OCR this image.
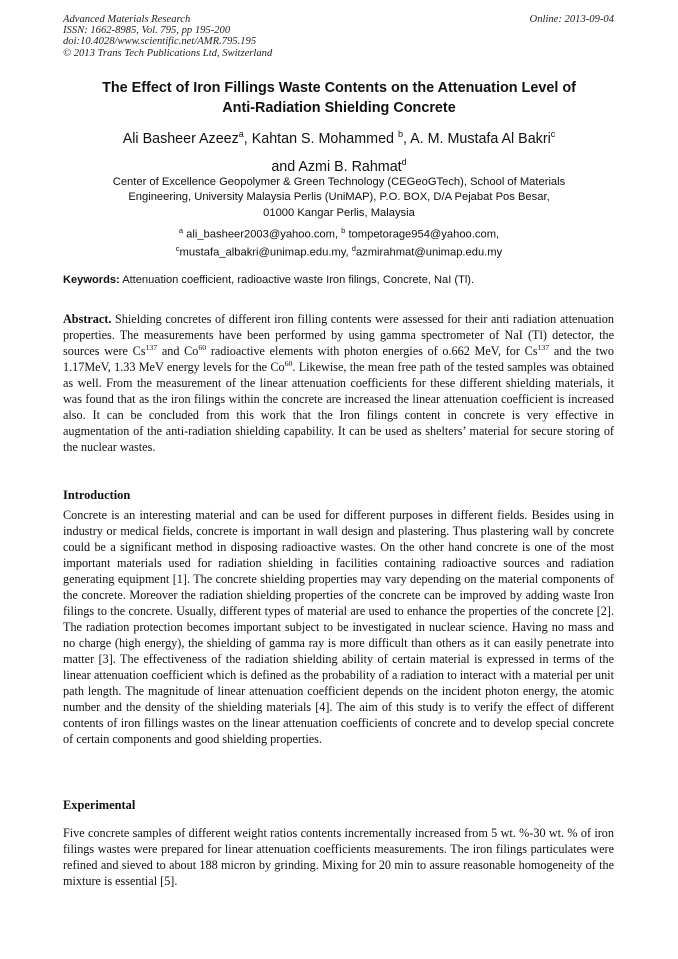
Advanced Materials Research
ISSN: 1662-8985, Vol. 795, pp 195-200
doi:10.4028/www.scientific.net/AMR.795.195
© 2013 Trans Tech Publications Ltd, Switzerland
Online: 2013-09-04
The Effect of Iron Fillings Waste Contents on the Attenuation Level of
Anti-Radiation Shielding Concrete
Ali Basheer Azeez$^a$, Kahtan S. Mohammed $^b$, A. M. Mustafa Al Bakri$^c$
and Azmi B. Rahmat$^d$
Center of Excellence Geopolymer & Green Technology (CEGeoGTech), School of Materials
Engineering, University Malaysia Perlis (UniMAP), P.O. BOX, D/A Pejabat Pos Besar,
01000 Kangar Perlis, Malaysia
$^a$ ali_basheer2003@yahoo.com, $^b$ tompetorage954@yahoo.com,
$^c$mustafa_albakri@unimap.edu.my, $^d$azmirahmat@unimap.edu.my
Keywords: Attenuation coefficient, radioactive waste Iron filings, Concrete, NaI (Tl).

Abstract. Shielding concretes of different iron filling contents were assessed for their anti radiation attenuation properties. The measurements have been performed by using gamma spectrometer of NaI (Tl) detector, the sources were Cs$^{137}$ and Co$^{60}$ radioactive elements with photon energies of o.662 MeV, for Cs$^{137}$ and the two 1.17MeV, 1.33 MeV energy levels for the Co$^{60}$. Likewise, the mean free path of the tested samples was obtained as well. From the measurement of the linear attenuation coefficients for these different shielding materials, it was found that as the iron filings within the concrete are increased the linear attenuation coefficient is increased also. It can be concluded from this work that the Iron filings content in concrete is very effective in augmentation of the anti-radiation shielding capability. It can be used as shelters’ material for secure storing of the nuclear wastes.

Introduction

Concrete is an interesting material and can be used for different purposes in different fields. Besides using in industry or medical fields, concrete is important in wall design and plastering. Thus plastering wall by concrete could be a significant method in disposing radioactive wastes. On the other hand concrete is one of the most important materials used for radiation shielding in facilities containing radioactive sources and radiation generating equipment [1]. The concrete shielding properties may vary depending on the material components of the concrete. Moreover the radiation shielding properties of the concrete can be improved by adding waste Iron filings to the concrete. Usually, different types of material are used to enhance the properties of the concrete [2]. The radiation protection becomes important subject to be investigated in nuclear science. Having no mass and no charge (high energy), the shielding of gamma ray is more difficult than others as it can easily penetrate into matter [3]. The effectiveness of the radiation shielding ability of certain material is expressed in terms of the linear attenuation coefficient which is defined as the probability of a radiation to interact with a material per unit path length. The magnitude of linear attenuation coefficient depends on the incident photon energy, the atomic number and the density of the shielding materials [4]. The aim of this study is to verify the effect of different contents of iron fillings wastes on the linear attenuation coefficients of concrete and to develop special concrete of certain components and good shielding properties.

Experimental

Five concrete samples of different weight ratios contents incrementally increased from 5 wt. %-30 wt. % of iron filings wastes were prepared for linear attenuation coefficients measurements. The iron filings particulates were refined and sieved to about 188 micron by grinding. Mixing for 20 min to assure reasonable homogeneity of the mixture is essential [5].
